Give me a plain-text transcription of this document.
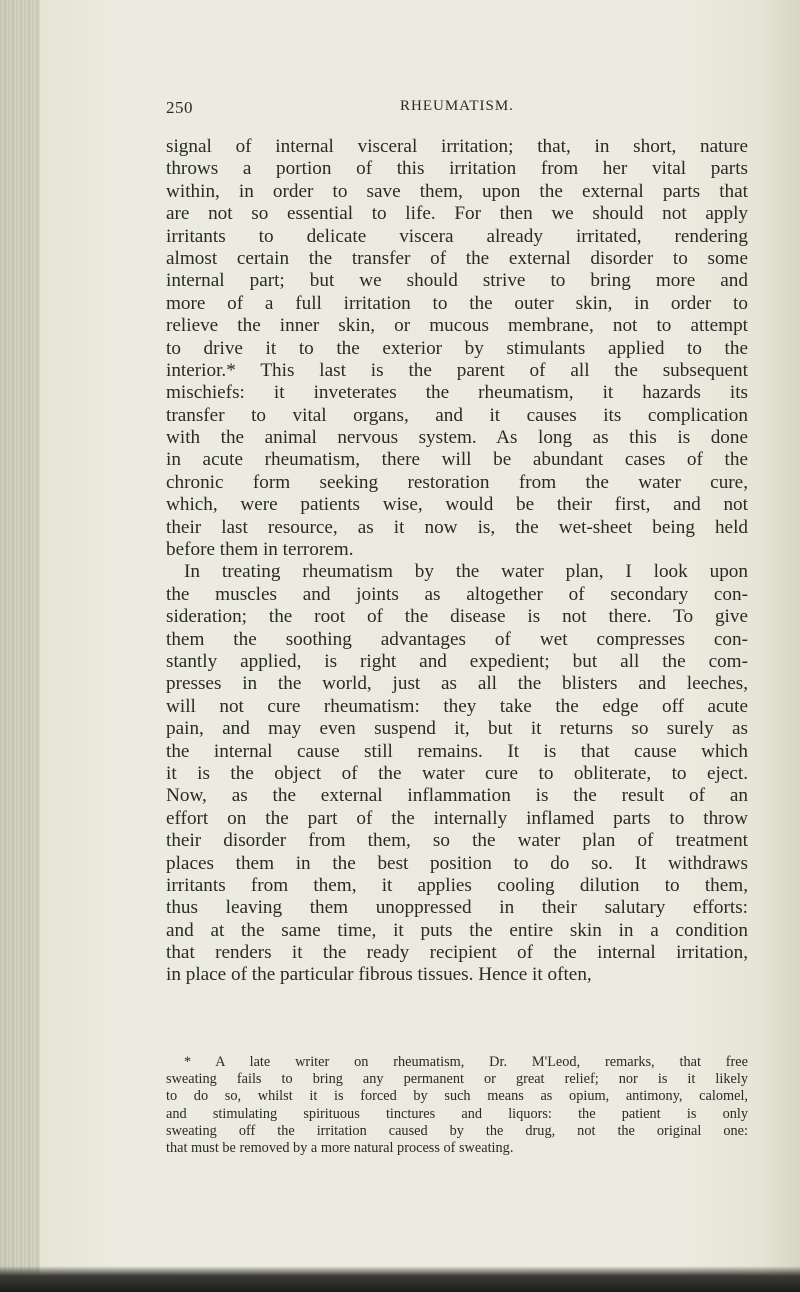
250	RHEUMATISM.
signal of internal visceral irritation; that, in short, nature
throws a portion of this irritation from her vital parts
within, in order to save them, upon the external parts that
are not so essential to life. For then we should not apply
irritants to delicate viscera already irritated, rendering
almost certain the transfer of the external disorder to some
internal part; but we should strive to bring more and
more of a full irritation to the outer skin, in order to
relieve the inner skin, or mucous membrane, not to attempt
to drive it to the exterior by stimulants applied to the
interior.* This last is the parent of all the subsequent
mischiefs: it inveterates the rheumatism, it hazards its
transfer to vital organs, and it causes its complication
with the animal nervous system. As long as this is done
in acute rheumatism, there will be abundant cases of the
chronic form seeking restoration from the water cure,
which, were patients wise, would be their first, and not
their last resource, as it now is, the wet-sheet being held
before them in terrorem.
In treating rheumatism by the water plan, I look upon
the muscles and joints as altogether of secondary con-
sideration; the root of the disease is not there. To give
them the soothing advantages of wet compresses con-
stantly applied, is right and expedient; but all the com-
presses in the world, just as all the blisters and leeches,
will not cure rheumatism: they take the edge off acute
pain, and may even suspend it, but it returns so surely as
the internal cause still remains. It is that cause which
it is the object of the water cure to obliterate, to eject.
Now, as the external inflammation is the result of an
effort on the part of the internally inflamed parts to throw
their disorder from them, so the water plan of treatment
places them in the best position to do so. It withdraws
irritants from them, it applies cooling dilution to them,
thus leaving them unoppressed in their salutary efforts:
and at the same time, it puts the entire skin in a condition
that renders it the ready recipient of the internal irritation,
in place of the particular fibrous tissues. Hence it often,
* A late writer on rheumatism, Dr. M'Leod, remarks, that free
sweating fails to bring any permanent or great relief; nor is it likely
to do so, whilst it is forced by such means as opium, antimony, calomel,
and stimulating spirituous tinctures and liquors: the patient is only
sweating off the irritation caused by the drug, not the original one:
that must be removed by a more natural process of sweating.
